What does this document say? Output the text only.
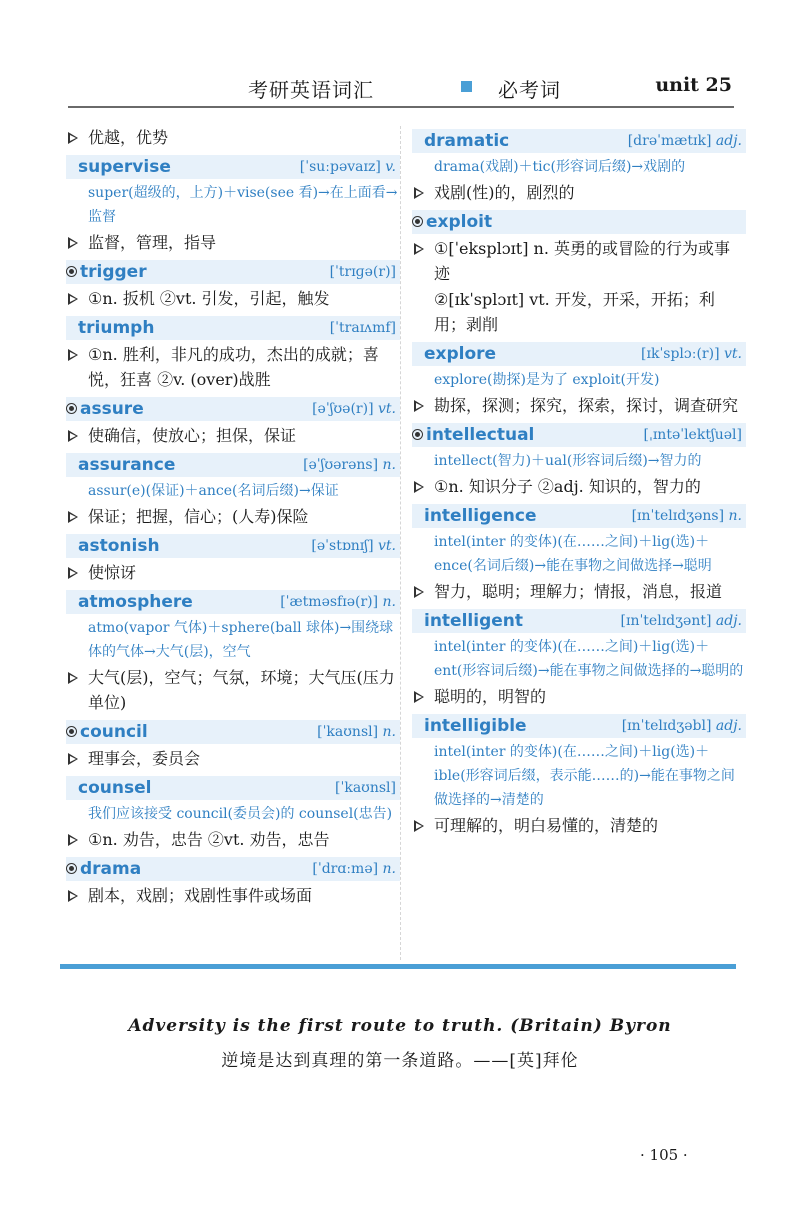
考研英语词汇	必考词	unit 25
优越，优势
supervise	[ˈsuːpəvaɪz] v.
super(超级的，上方)＋vise(see 看)→在上面看→监督
监督，管理，指导
trigger	[ˈtrɪɡə(r)]
①n. 扳机 ②vt. 引发，引起，触发
triumph	[ˈtraɪʌmf]
①n. 胜利，非凡的成功，杰出的成就；喜悦，狂喜 ②v. (over)战胜
assure	[əˈʃʊə(r)] vt.
使确信，使放心；担保，保证
assurance	[əˈʃʊərəns] n.
assur(e)(保证)＋ance(名词后缀)→保证
保证；把握，信心；(人寿)保险
astonish	[əˈstɒnɪʃ] vt.
使惊讶
atmosphere	[ˈætməsfɪə(r)] n.
atmo(vapor 气体)＋sphere(ball 球体)→围绕球体的气体→大气(层)，空气
大气(层)，空气；气氛，环境；大气压(压力单位)
council	[ˈkaʊnsl] n.
理事会，委员会
counsel	[ˈkaʊnsl]
我们应该接受 council(委员会)的 counsel(忠告)
①n. 劝告，忠告 ②vt. 劝告，忠告
drama	[ˈdrɑːmə] n.
剧本，戏剧；戏剧性事件或场面
dramatic	[drəˈmætɪk] adj.
drama(戏剧)＋tic(形容词后缀)→戏剧的
戏剧(性)的，剧烈的
exploit
①[ˈeksplɔɪt] n. 英勇的或冒险的行为或事迹
②[ɪkˈsplɔɪt] vt. 开发，开采，开拓；利用；剥削
explore	[ɪkˈsplɔː(r)] vt.
explore(勘探)是为了 exploit(开发)
勘探，探测；探究，探索，探讨，调查研究
intellectual	[ˌɪntəˈlektʃuəl]
intellect(智力)＋ual(形容词后缀)→智力的
①n. 知识分子 ②adj. 知识的，智力的
intelligence	[ɪnˈtelɪdʒəns] n.
intel(inter 的变体)(在……之间)＋lig(选)＋ence(名词后缀)→能在事物之间做选择→聪明
智力，聪明；理解力；情报，消息，报道
intelligent	[ɪnˈtelɪdʒənt] adj.
intel(inter 的变体)(在……之间)＋lig(选)＋ent(形容词后缀)→能在事物之间做选择的→聪明的
聪明的，明智的
intelligible	[ɪnˈtelɪdʒəbl] adj.
intel(inter 的变体)(在……之间)＋lig(选)＋ible(形容词后缀，表示能……的)→能在事物之间做选择的→清楚的
可理解的，明白易懂的，清楚的
Adversity is the first route to truth. (Britain) Byron
逆境是达到真理的第一条道路。——[英]拜伦
· 105 ·
